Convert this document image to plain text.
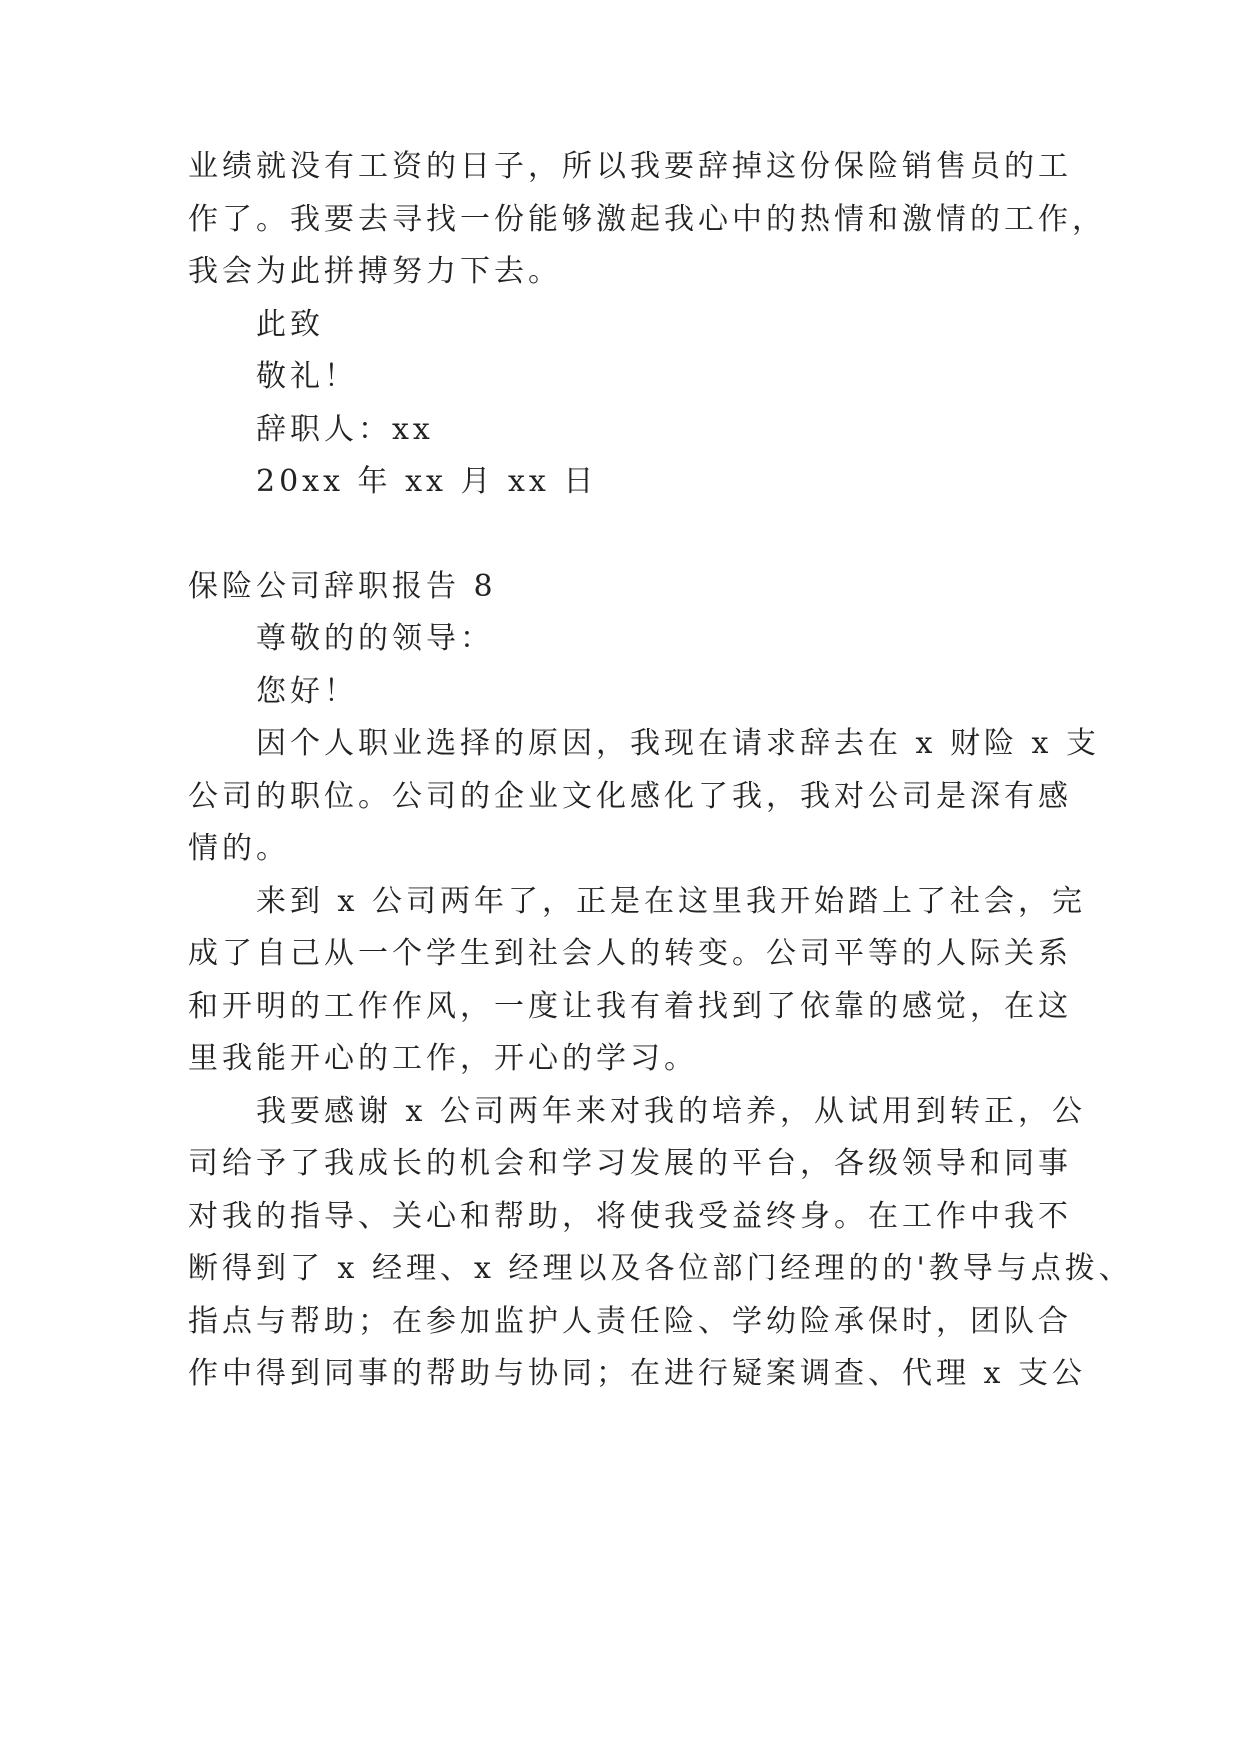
业绩就没有工资的日子，所以我要辞掉这份保险销售员的工
作了。我要去寻找一份能够激起我心中的热情和激情的工作，
我会为此拼搏努力下去。
此致
敬礼！
辞职人：xx
20xx 年 xx 月 xx 日
保险公司辞职报告 8
尊敬的的领导：
您好！
因个人职业选择的原因，我现在请求辞去在 x 财险 x 支
公司的职位。公司的企业文化感化了我，我对公司是深有感
情的。
来到 x 公司两年了，正是在这里我开始踏上了社会，完
成了自己从一个学生到社会人的转变。公司平等的人际关系
和开明的工作作风，一度让我有着找到了依靠的感觉，在这
里我能开心的工作，开心的学习。
我要感谢 x 公司两年来对我的培养，从试用到转正，公
司给予了我成长的机会和学习发展的平台，各级领导和同事
对我的指导、关心和帮助，将使我受益终身。在工作中我不
断得到了 x 经理、x 经理以及各位部门经理的的'教导与点拨、
指点与帮助；在参加监护人责任险、学幼险承保时，团队合
作中得到同事的帮助与协同；在进行疑案调查、代理 x 支公
